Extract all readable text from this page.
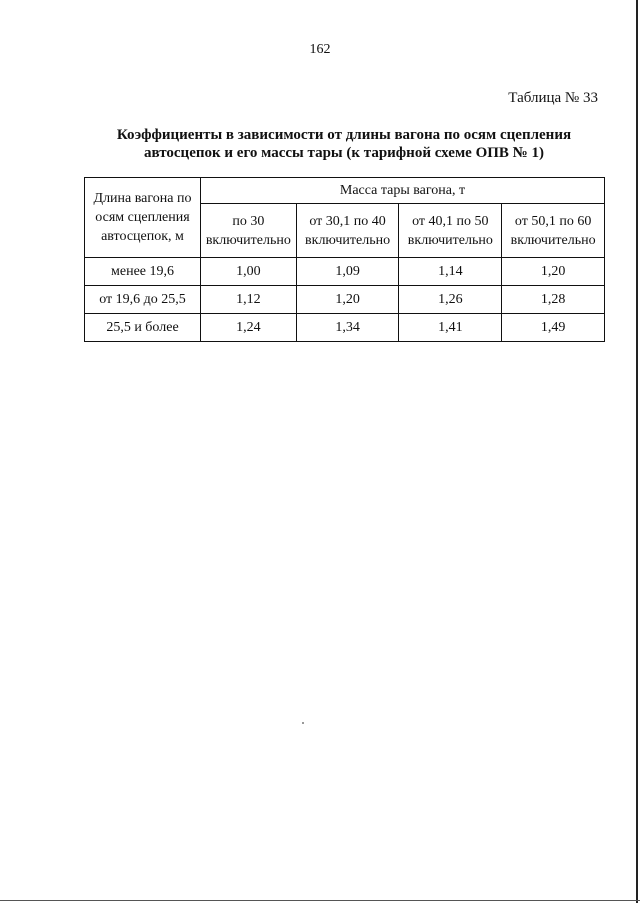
162
Таблица № 33
Коэффициенты в зависимости от длины вагона по осям сцепления
автосцепок и его массы тары (к тарифной схеме ОПВ № 1)
Длина вагона по осям сцепления автосцепок, м	Масса тары вагона, т			
	по 30 включительно	от 30,1 по 40 включительно	от 40,1 по 50 включительно	от 50,1 по 60 включительно
менее 19,6	1,00	1,09	1,14	1,20
от 19,6 до 25,5	1,12	1,20	1,26	1,28
25,5 и более	1,24	1,34	1,41	1,49
